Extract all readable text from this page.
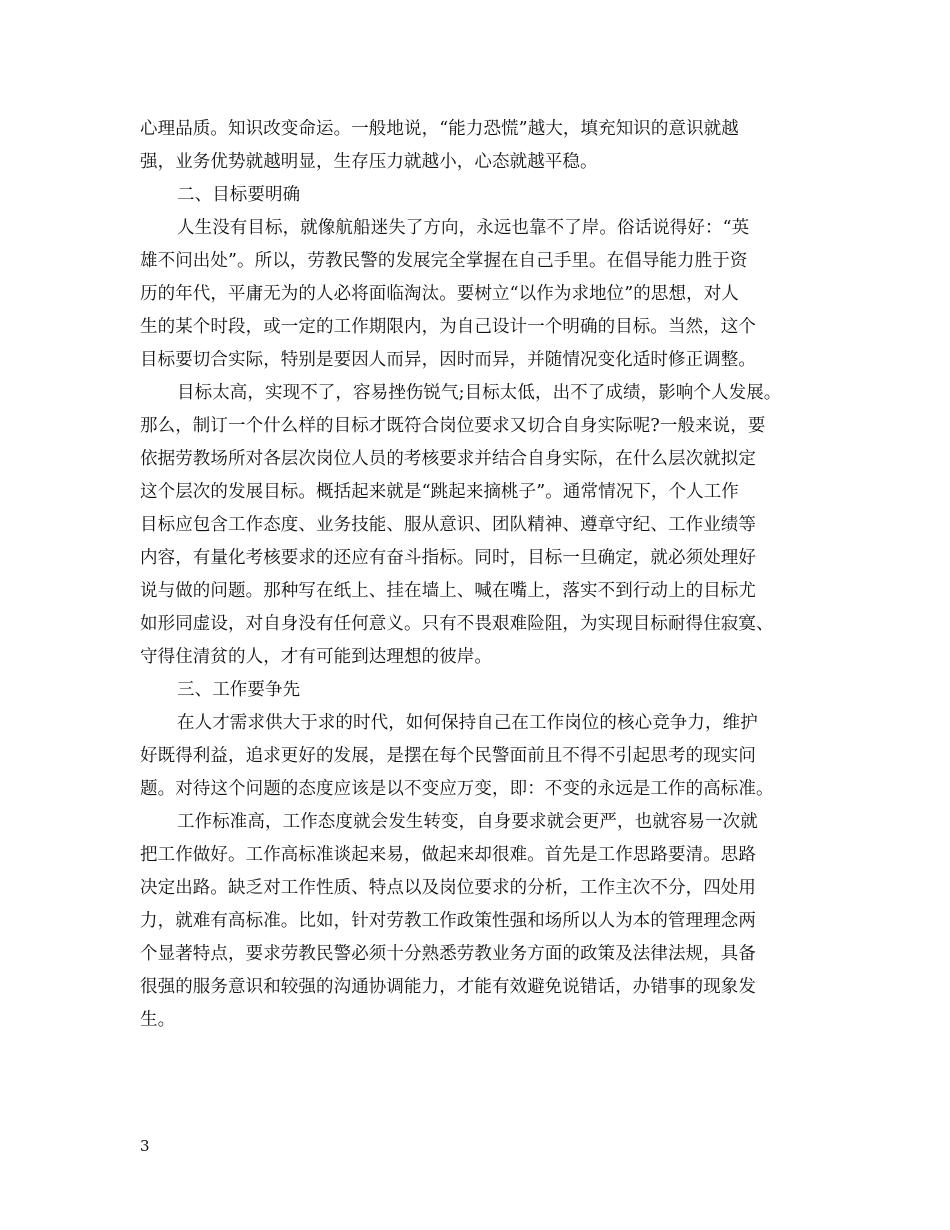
心理品质。知识改变命运。一般地说，“能力恐慌”越大，填充知识的意识就越
强，业务优势就越明显，生存压力就越小，心态就越平稳。
二、目标要明确
人生没有目标，就像航船迷失了方向，永远也靠不了岸。俗话说得好：“英
雄不问出处”。所以，劳教民警的发展完全掌握在自己手里。在倡导能力胜于资
历的年代，平庸无为的人必将面临淘汰。要树立“以作为求地位”的思想，对人
生的某个时段，或一定的工作期限内，为自己设计一个明确的目标。当然，这个
目标要切合实际，特别是要因人而异，因时而异，并随情况变化适时修正调整。
目标太高，实现不了，容易挫伤锐气;目标太低，出不了成绩，影响个人发展。
那么，制订一个什么样的目标才既符合岗位要求又切合自身实际呢?一般来说，要
依据劳教场所对各层次岗位人员的考核要求并结合自身实际，在什么层次就拟定
这个层次的发展目标。概括起来就是“跳起来摘桃子”。通常情况下，个人工作
目标应包含工作态度、业务技能、服从意识、团队精神、遵章守纪、工作业绩等
内容，有量化考核要求的还应有奋斗指标。同时，目标一旦确定，就必须处理好
说与做的问题。那种写在纸上、挂在墙上、喊在嘴上，落实不到行动上的目标尤
如形同虚设，对自身没有任何意义。只有不畏艰难险阻，为实现目标耐得住寂寞、
守得住清贫的人，才有可能到达理想的彼岸。
三、工作要争先
在人才需求供大于求的时代，如何保持自己在工作岗位的核心竞争力，维护
好既得利益，追求更好的发展，是摆在每个民警面前且不得不引起思考的现实问
题。对待这个问题的态度应该是以不变应万变，即：不变的永远是工作的高标准。
工作标准高，工作态度就会发生转变，自身要求就会更严，也就容易一次就
把工作做好。工作高标准谈起来易，做起来却很难。首先是工作思路要清。思路
决定出路。缺乏对工作性质、特点以及岗位要求的分析，工作主次不分，四处用
力，就难有高标准。比如，针对劳教工作政策性强和场所以人为本的管理理念两
个显著特点，要求劳教民警必须十分熟悉劳教业务方面的政策及法律法规，具备
很强的服务意识和较强的沟通协调能力，才能有效避免说错话，办错事的现象发
生。
3
